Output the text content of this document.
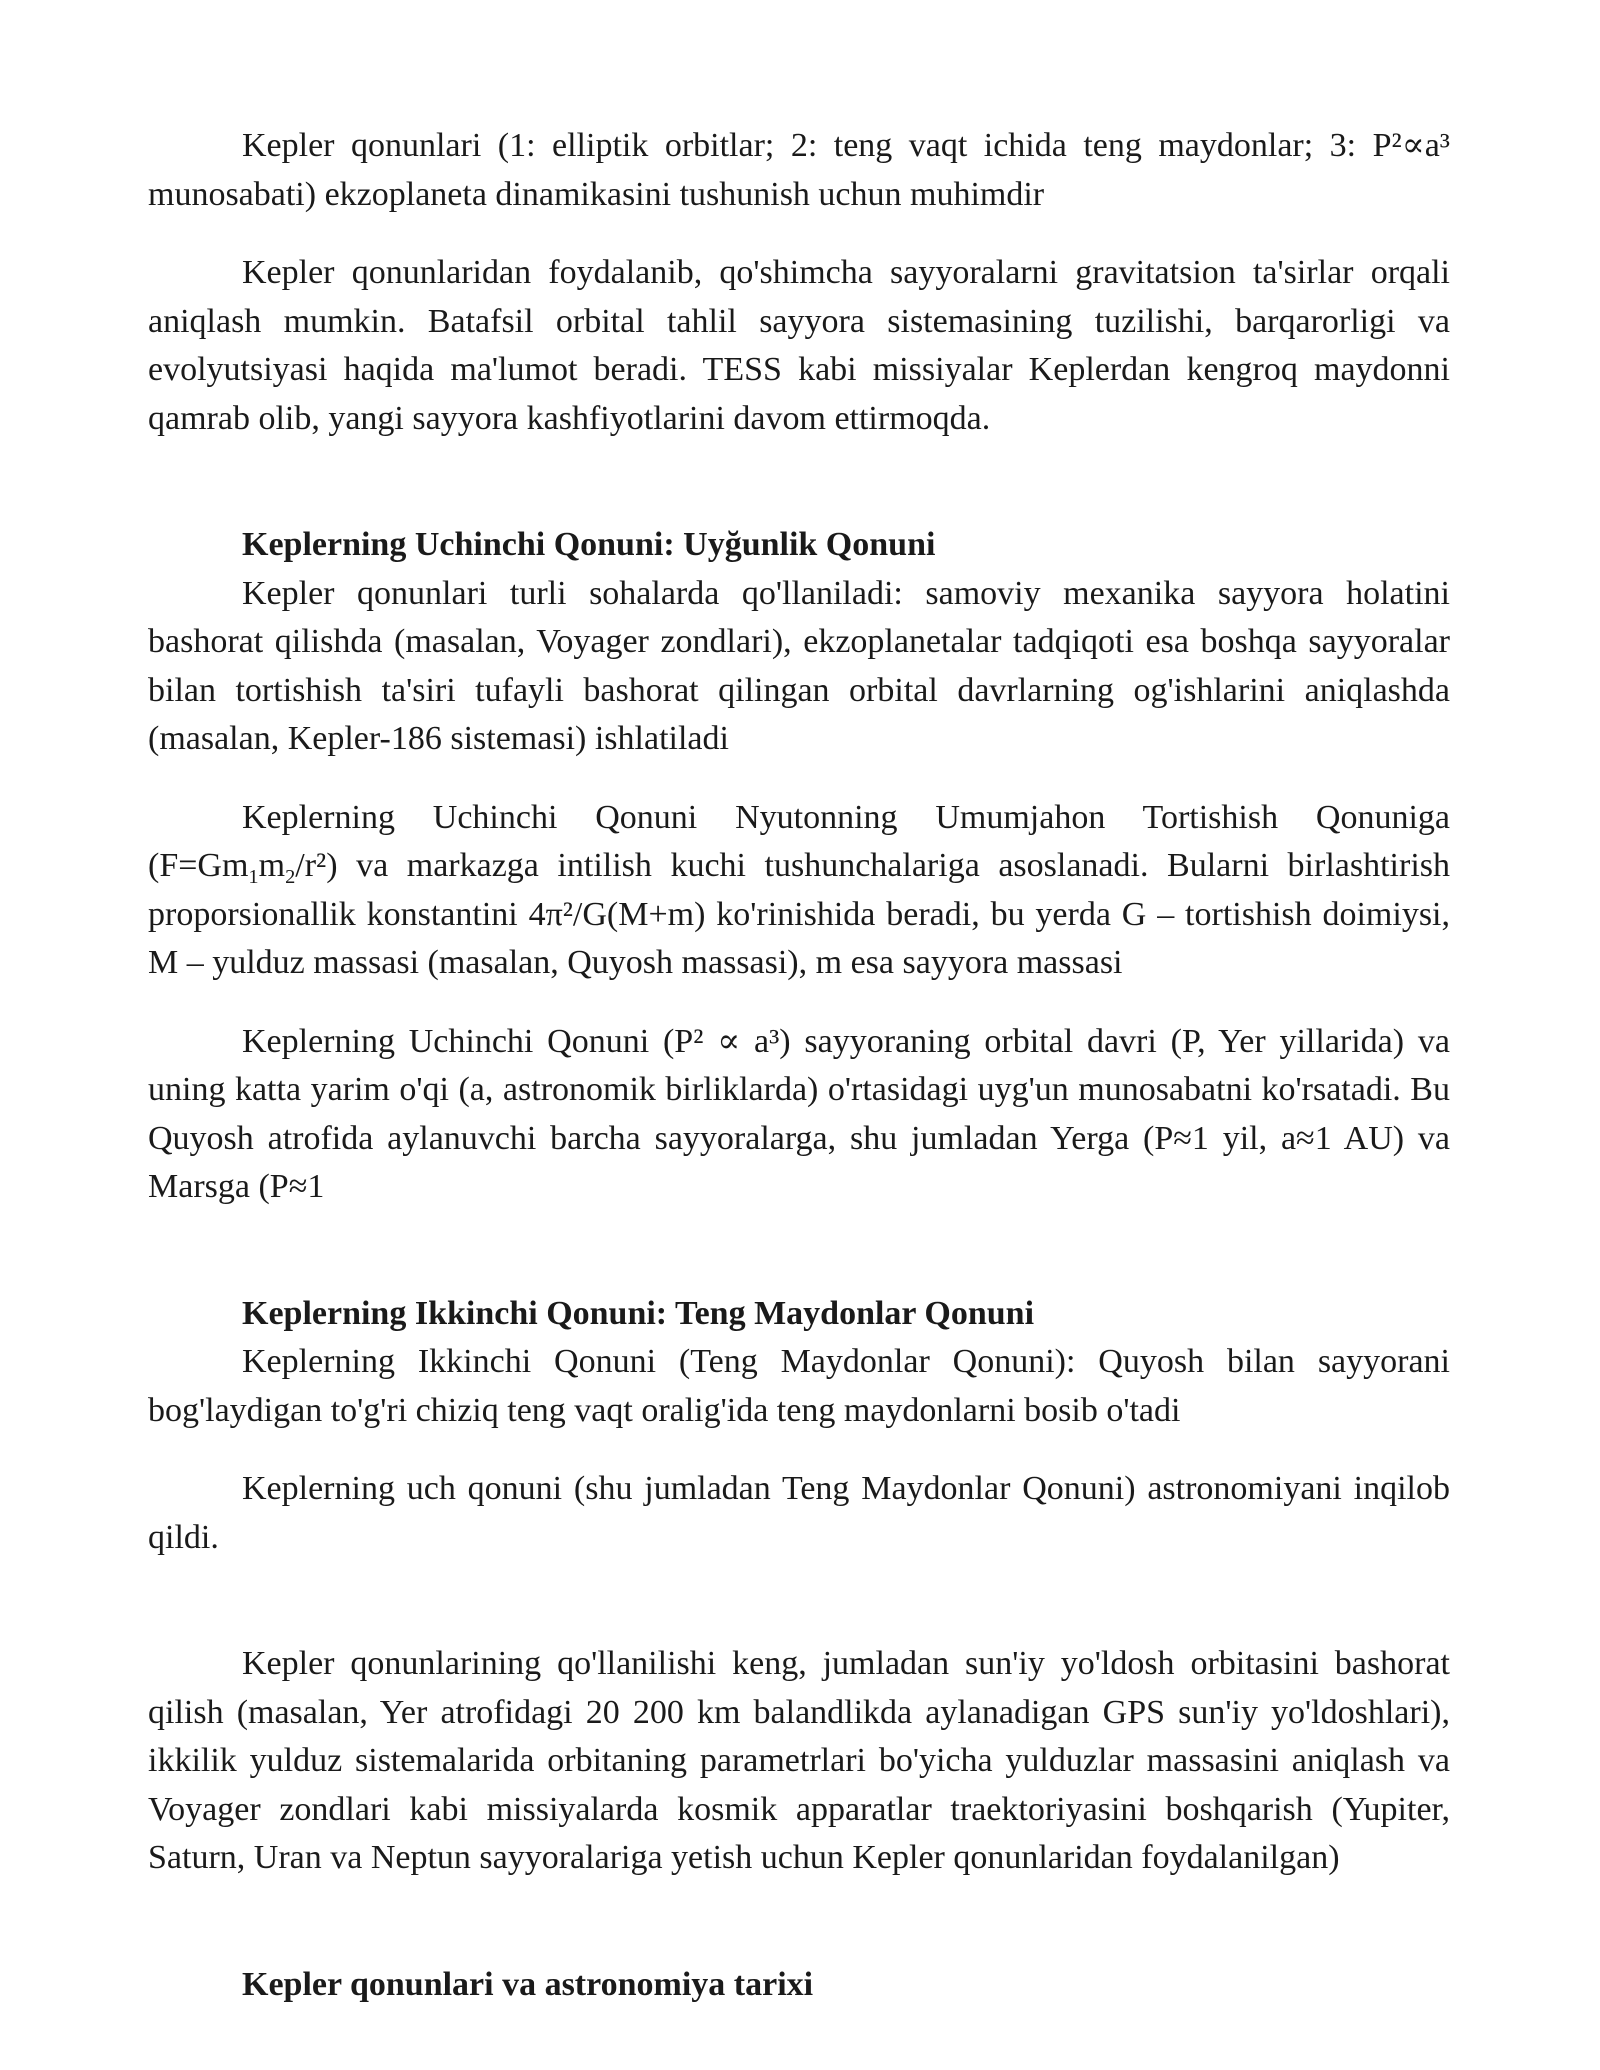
Kepler qonunlari (1: elliptik orbitlar; 2: teng vaqt ichida teng maydonlar; 3: P²∝a³ munosabati) ekzoplaneta dinamikasini tushunish uchun muhimdir

Kepler qonunlaridan foydalanib, qo'shimcha sayyoralarni gravitatsion ta'sirlar orqali aniqlash mumkin. Batafsil orbital tahlil sayyora sistemasining tuzilishi, barqarorligi va evolyutsiyasi haqida ma'lumot beradi. TESS kabi missiyalar Keplerdan kengroq maydonni qamrab olib, yangi sayyora kashfiyotlarini davom ettirmoqda.

Keplerning Uchinchi Qonuni: Uyğunlik Qonuni

Kepler qonunlari turli sohalarda qo'llaniladi: samoviy mexanika sayyora holatini bashorat qilishda (masalan, Voyager zondlari), ekzoplanetalar tadqiqoti esa boshqa sayyoralar bilan tortishish ta'siri tufayli bashorat qilingan orbital davrlarning og'ishlarini aniqlashda (masalan, Kepler-186 sistemasi) ishlatiladi

Keplerning Uchinchi Qonuni Nyutonning Umumjahon Tortishish Qonuniga $(F=Gm_1m_2/r^2)$ va markazga intilish kuchi tushunchalariga asoslanadi. Bularni birlashtirish proporsionallik konstantini 4π²/G(M+m) ko'rinishida beradi, bu yerda G – tortishish doimiysi, M – yulduz massasi (masalan, Quyosh massasi), m esa sayyora massasi

Keplerning Uchinchi Qonuni (P² ∝ a³) sayyoraning orbital davri (P, Yer yillarida) va uning katta yarim o'qi (a, astronomik birliklarda) o'rtasidagi uyg'un munosabatni ko'rsatadi. Bu Quyosh atrofida aylanuvchi barcha sayyoralarga, shu jumladan Yerga (P≈1 yil, a≈1 AU) va Marsga (P≈1

Keplerning Ikkinchi Qonuni: Teng Maydonlar Qonuni

Keplerning Ikkinchi Qonuni (Teng Maydonlar Qonuni): Quyosh bilan sayyorani bog'laydigan to'g'ri chiziq teng vaqt oralig'ida teng maydonlarni bosib o'tadi

Keplerning uch qonuni (shu jumladan Teng Maydonlar Qonuni) astronomiyani inqilob qildi.

Kepler qonunlarining qo'llanilishi keng, jumladan sun'iy yo'ldosh orbitasini bashorat qilish (masalan, Yer atrofidagi 20 200 km balandlikda aylanadigan GPS sun'iy yo'ldoshlari), ikkilik yulduz sistemalarida orbitaning parametrlari bo'yicha yulduzlar massasini aniqlash va Voyager zondlari kabi missiyalarda kosmik apparatlar traektoriyasini boshqarish (Yupiter, Saturn, Uran va Neptun sayyoralariga yetish uchun Kepler qonunlaridan foydalanilgan)

Kepler qonunlari va astronomiya tarixi
